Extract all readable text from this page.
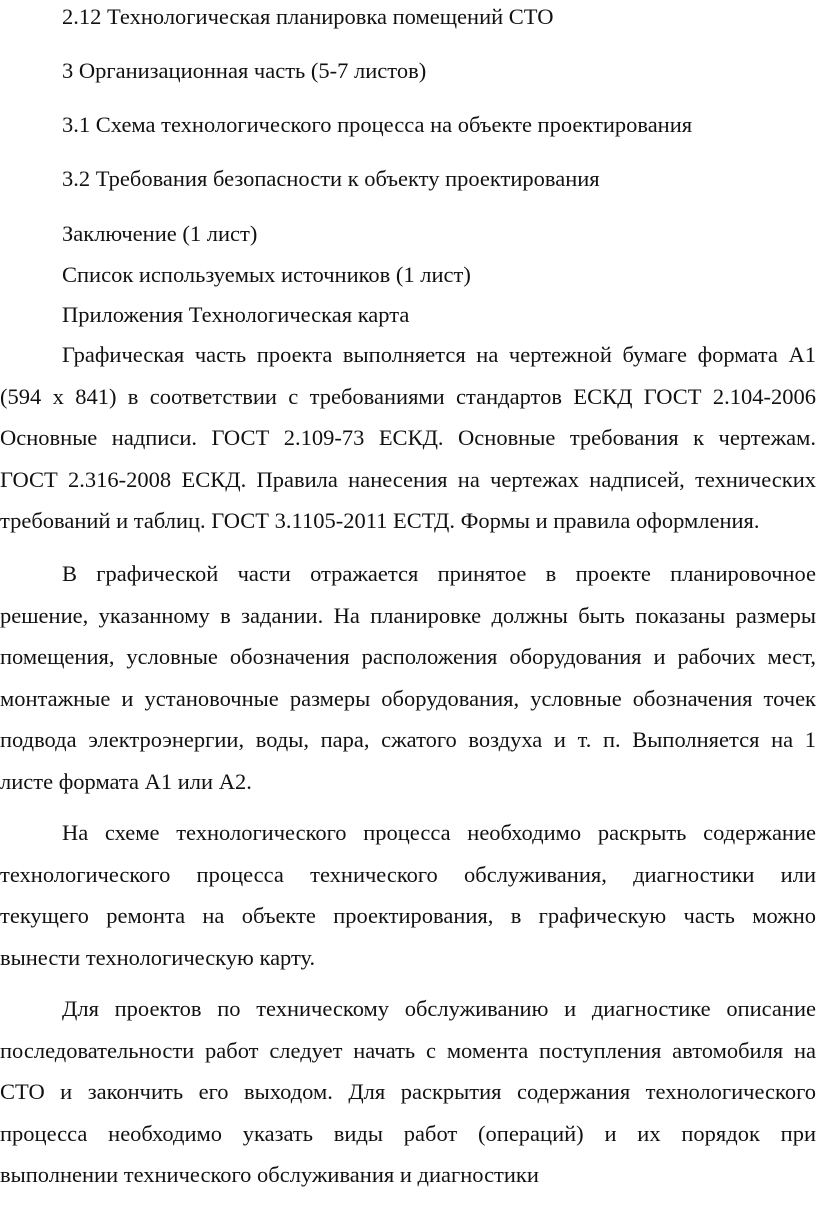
2.12 Технологическая планировка помещений СТО
3 Организационная часть (5-7 листов)
3.1 Схема технологического процесса на объекте проектирования
3.2 Требования безопасности к объекту проектирования
Заключение (1 лист)
Список используемых источников (1 лист)
Приложения Технологическая карта
Графическая часть проекта выполняется на чертежной бумаге формата А1
(594 х 841) в соответствии с требованиями стандартов ЕСКД ГОСТ 2.104-2006
Основные надписи. ГОСТ 2.109-73 ЕСКД. Основные требования к чертежам.
ГОСТ 2.316-2008 ЕСКД. Правила нанесения на чертежах надписей, технических
требований и таблиц. ГОСТ 3.1105-2011 ЕСТД. Формы и правила оформления.
В графической части отражается принятое в проекте планировочное
решение, указанному в задании. На планировке должны быть показаны размеры
помещения, условные обозначения расположения оборудования и рабочих мест,
монтажные и установочные размеры оборудования, условные обозначения точек
подвода электроэнергии, воды, пара, сжатого воздуха и т. п. Выполняется на 1
листе формата А1 или А2.
На схеме технологического процесса необходимо раскрыть содержание
технологического процесса технического обслуживания, диагностики или
текущего ремонта на объекте проектирования, в графическую часть можно
вынести технологическую карту.
Для проектов по техническому обслуживанию и диагностике описание
последовательности работ следует начать с момента поступления автомобиля на
СТО и закончить его выходом. Для раскрытия содержания технологического
процесса необходимо указать виды работ (операций) и их порядок при
выполнении технического обслуживания и диагностики
